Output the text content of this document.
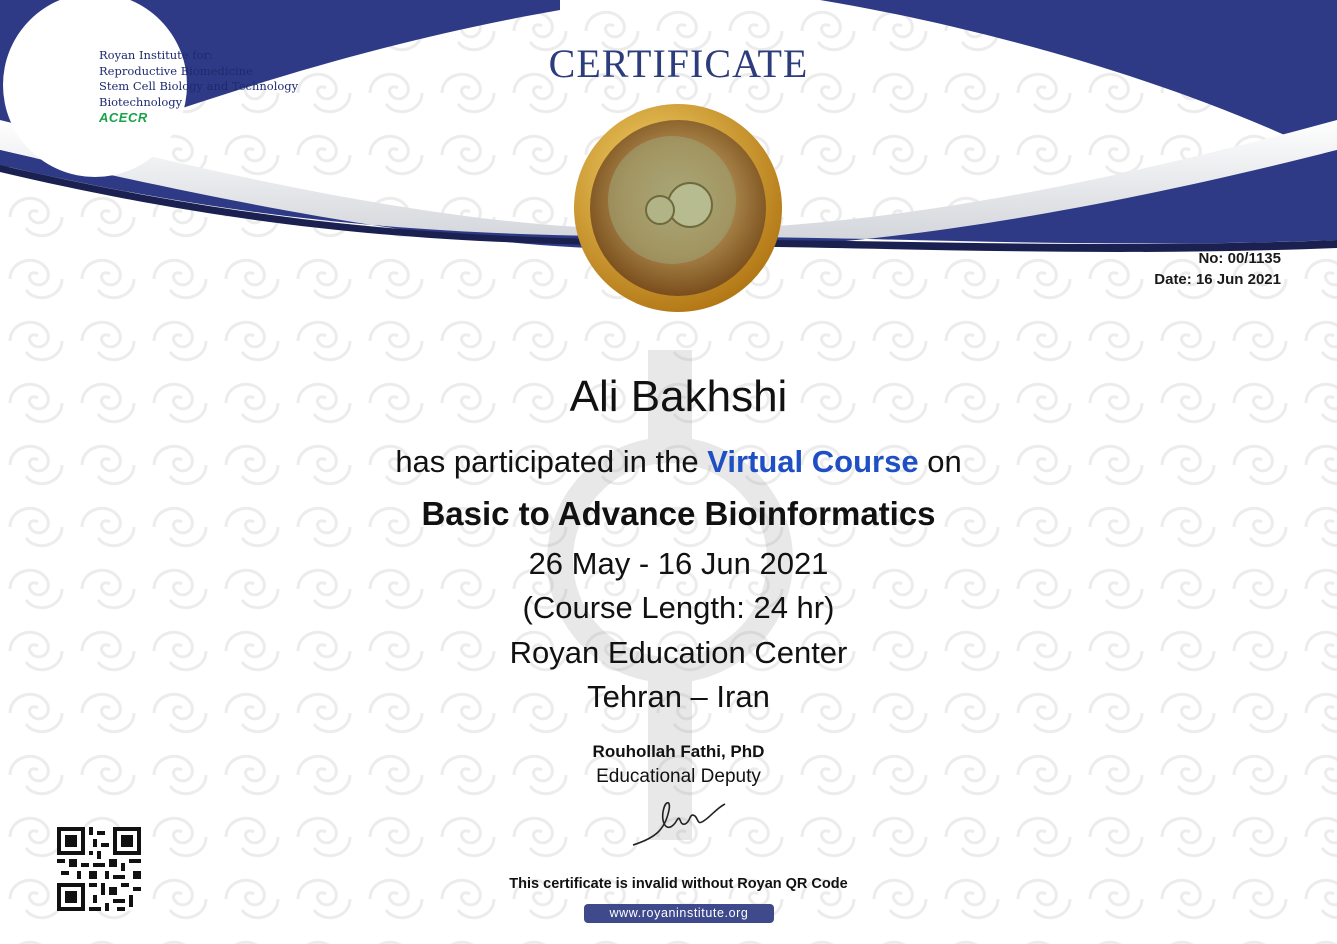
Royan Institute for:
Reproductive Biomedicine
Stem Cell Biology and Technology
Biotechnology
ACECR
CERTIFICATE
No: 00/1135
Date: 16 Jun 2021
Ali Bakhshi
has participated in the Virtual Course on
Basic to Advance Bioinformatics
26 May - 16 Jun 2021
(Course Length: 24 hr)
Royan Education Center
Tehran – Iran
Rouhollah Fathi, PhD
Educational Deputy
This certificate is invalid without Royan QR Code
www.royaninstitute.org
